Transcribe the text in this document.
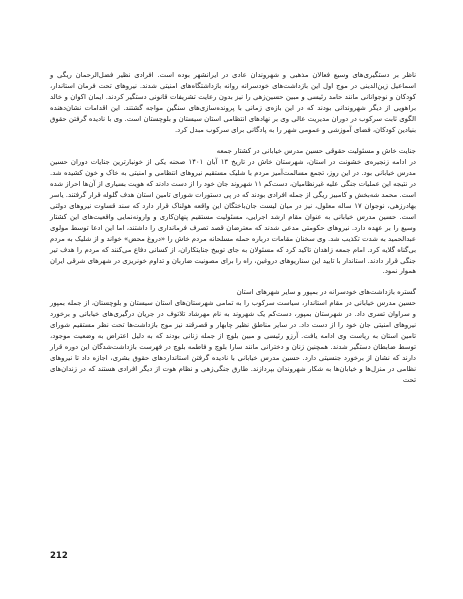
ناظر بر دستگیری‌های وسیع فعالان مذهبی و شهروندان عادی در ایرانشهر بوده است. افرادی نظیر فضل‌الرحمان ریگی و اسماعیل زین‌الدینی در موج اول این بازداشت‌های خودسرانه روانه بازداشتگاه‌های امنیتی شدند. نیروهای تحت فرمان استاندار، کودکان و نوجوانانی مانند حامد رئیسی و مبین حسین‌زهی را نیز بدون رعایت تشریفات قانونی دستگیر کردند. ایمان اکوان و خالد براهویی از دیگر شهروندانی بودند که در این بازه‌ی زمانی با پرونده‌سازی‌های سنگین مواجه گشتند. این اقدامات نشان‌دهنده الگوی ثابت سرکوب در دوران مدیریت عالی وی بر نهادهای انتظامی استان سیستان و بلوچستان است. وی با نادیده گرفتن حقوق بنیادین کودکان، فضای آموزشی و عمومی شهر را به پادگانی برای سرکوب مبدل کرد.

جنایت خاش و مسئولیت حقوقی حسین مدرس خیابانی در کشتار جمعه

در ادامه زنجیره‌ی خشونت در استان، شهرستان خاش در تاریخ ۱۳ آبان ۱۴۰۱ صحنه یکی از خونبارترین جنایات دوران حسین مدرس خیابانی بود. در این روز، تجمع مسالمت‌آمیز مردم با شلیک مستقیم نیروهای انتظامی و امنیتی به خاک و خون کشیده شد. در نتیجه این عملیات جنگی علیه غیرنظامیان، دست‌کم ۱۱ شهروند جان خود را از دست دادند که هویت بسیاری از آن‌ها احراز شده است. محمد شه‌بخش و کامبیز ریگی از جمله افرادی بودند که در پی دستورات شورای تامین استان هدف گلوله قرار گرفتند. یاسر بهادرزهی، نوجوان ۱۷ ساله معلول، نیز در میان لیست جان‌باختگان این واقعه هولناک قرار دارد که سند قساوت نیروهای دولتی است. حسین مدرس خیابانی به عنوان مقام ارشد اجرایی، مسئولیت مستقیم پنهان‌کاری و وارونه‌نمایی واقعیت‌های این کشتار وسیع را بر عهده دارد. نیروهای حکومتی مدعی شدند که معترضان قصد تصرف فرمانداری را داشتند، اما این ادعا توسط مولوی عبدالحمید به شدت تکذیب شد. وی سخنان مقامات درباره حمله مسلحانه مردم خاش را «دروغ محض» خواند و از شلیک به مردم بی‌گناه گلایه کرد. امام جمعه زاهدان تاکید کرد که مسئولان به جای توبیخ جنایتکاران، از کسانی دفاع می‌کنند که مردم را هدف تیر جنگی قرار دادند. استاندار با تایید این سناریوهای دروغین، راه را برای مصونیت ضاربان و تداوم خونریزی در شهرهای شرقی ایران هموار نمود.

گستره بازداشت‌های خودسرانه در بمپور و سایر شهرهای استان

حسین مدرس خیابانی در مقام استاندار، سیاست سرکوب را به تمامی شهرستان‌های استان سیستان و بلوچستان، از جمله بمپور و سراوان تسری داد. در شهرستان بمپور، دست‌کم یک شهروند به نام مهرشاد تلاتوف در جریان درگیری‌های خیابانی و برخورد نیروهای امنیتی جان خود را از دست داد. در سایر مناطق نظیر چابهار و قصرقند نیز موج بازداشت‌ها تحت نظر مستقیم شورای تامین استان به ریاست وی ادامه یافت. آرزو رئیسی و مبین بلوچ از جمله زنانی بودند که به دلیل اعتراض به وضعیت موجود، توسط ضابطان دستگیر شدند. همچنین زنان و دخترانی مانند سارا بلوچ و فاطمه بلوچ در فهرست بازداشت‌شدگان این دوره قرار دارند که نشان از برخورد جنسیتی دارد. حسین مدرس خیابانی با نادیده گرفتن استانداردهای حقوق بشری، اجازه داد تا نیروهای نظامی در منزل‌ها و خیابان‌ها به شکار شهروندان بپردازند. طارق جنگی‌زهی و نظام هوت از دیگر افرادی هستند که در زندان‌های تحت

212
